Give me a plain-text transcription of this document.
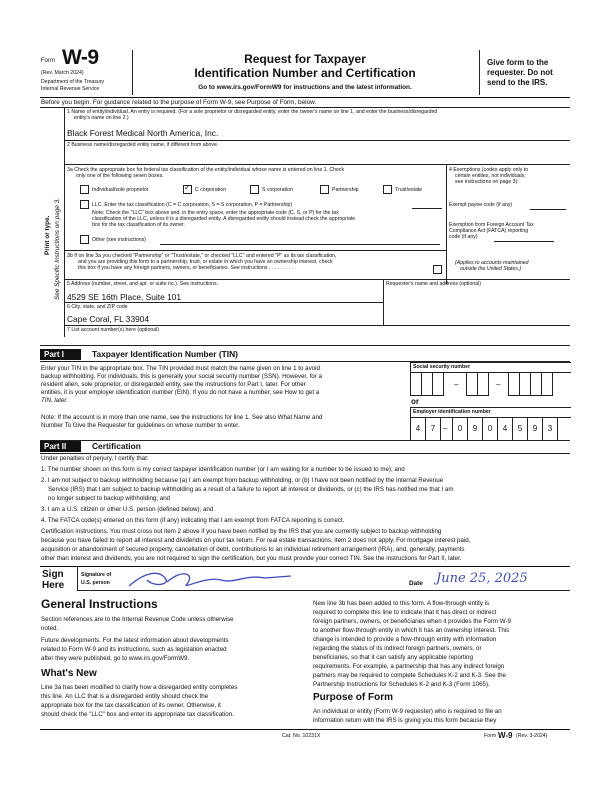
Form W-9
(Rev. March 2024)
Department of the Treasury
Internal Revenue Service
Request for Taxpayer
Identification Number and Certification
Go to www.irs.gov/FormW9 for instructions and the latest information.
Give form to the
requester. Do not
send to the IRS.
Before you begin. For guidance related to the purpose of Form W-9, see Purpose of Form, below.
Print or type. See Specific Instructions on page 3.
1 Name of entity/individual. An entry is required. (For a sole proprietor or disregarded entity, enter the owner's name on line 1, and enter the business/disregarded
entity's name on line 2.)
Black Forest Medical North America, Inc.
2 Business name/disregarded entity name, if different from above.
3a Check the appropriate box for federal tax classification of the entity/individual whose name is entered on line 1. Check
only one of the following seven boxes.
Individual/sole proprietor
✓	C corporation	S corporation	Partnership	Trust/estate
LLC. Enter the tax classification (C = C corporation, S = S corporation, P = Partnership)
Note: Check the "LLC" box above and, in the entry space, enter the appropriate code (C, S, or P) for the tax
classification of the LLC, unless it is a disregarded entity. A disregarded entity should instead check the appropriate
box for the tax classification of its owner.
Other (see instructions)
4 Exemptions (codes apply only to
certain entities, not individuals;
see instructions on page 3):
Exempt payee code (if any)
Exemption from Foreign Account Tax
Compliance Act (FATCA) reporting
code (if any)
(Applies to accounts maintained
outside the United States.)
3b If on line 3a you checked "Partnership" or "Trust/estate," or checked "LLC" and entered "P" as its tax classification,
and you are providing this form to a partnership, trust, or estate in which you have an ownership interest, check
this box if you have any foreign partners, owners, or beneficiaries. See instructions . . . . . . . . .
5 Address (number, street, and apt. or suite no.). See instructions.
4529 SE 16th Place, Suite 101
Requester's name and address (optional)
6 City, state, and ZIP code
Cape Coral, FL 33904
7 List account number(s) here (optional)
Part I	Taxpayer Identification Number (TIN)
Enter your TIN in the appropriate box. The TIN provided must match the name given on line 1 to avoid
backup withholding. For individuals, this is generally your social security number (SSN). However, for a
resident alien, sole proprietor, or disregarded entity, see the instructions for Part I, later. For other
entities, it is your employer identification number (EIN). If you do not have a number, see How to get a
TIN, later.
Note: If the account is in more than one name, see the instructions for line 1. See also What Name and
Number To Give the Requester for guidelines on whose number to enter.
Social security number
–	–
or
Employer identification number
4	7 –	0	9	0	4	5	9	3
Part II	Certification
Under penalties of perjury, I certify that:
1. The number shown on this form is my correct taxpayer identification number (or I am waiting for a number to be issued to me); and
2. I am not subject to backup withholding because (a) I am exempt from backup withholding, or (b) I have not been notified by the Internal Revenue
Service (IRS) that I am subject to backup withholding as a result of a failure to report all interest or dividends, or (c) the IRS has notified me that I am
no longer subject to backup withholding; and
3. I am a U.S. citizen or other U.S. person (defined below); and
4. The FATCA code(s) entered on this form (if any) indicating that I am exempt from FATCA reporting is correct.
Certification instructions. You must cross out item 2 above if you have been notified by the IRS that you are currently subject to backup withholding
because you have failed to report all interest and dividends on your tax return. For real estate transactions, item 2 does not apply. For mortgage interest paid,
acquisition or abandonment of secured property, cancellation of debt, contributions to an individual retirement arrangement (IRA), and, generally, payments
other than interest and dividends, you are not required to sign the certification, but you must provide your correct TIN. See the instructions for Part II, later.
Sign
Here
Signature of
U.S. person	Date June 25, 2025
General Instructions
Section references are to the Internal Revenue Code unless otherwise
noted.
Future developments. For the latest information about developments
related to Form W-9 and its instructions, such as legislation enacted
after they were published, go to www.irs.gov/FormW9.
What's New
Line 3a has been modified to clarify how a disregarded entity completes
this line. An LLC that is a disregarded entity should check the
appropriate box for the tax classification of its owner. Otherwise, it
should check the "LLC" box and enter its appropriate tax classification.
New line 3b has been added to this form. A flow-through entity is
required to complete this line to indicate that it has direct or indirect
foreign partners, owners, or beneficiaries when it provides the Form W-9
to another flow-through entity in which it has an ownership interest. This
change is intended to provide a flow-through entity with information
regarding the status of its indirect foreign partners, owners, or
beneficiaries, so that it can satisfy any applicable reporting
requirements. For example, a partnership that has any indirect foreign
partners may be required to complete Schedules K-2 and K-3. See the
Partnership Instructions for Schedules K-2 and K-3 (Form 1065).
Purpose of Form
An individual or entity (Form W-9 requester) who is required to file an
information return with the IRS is giving you this form because they
Cat. No. 10231X	Form W-9 (Rev. 3-2024)
